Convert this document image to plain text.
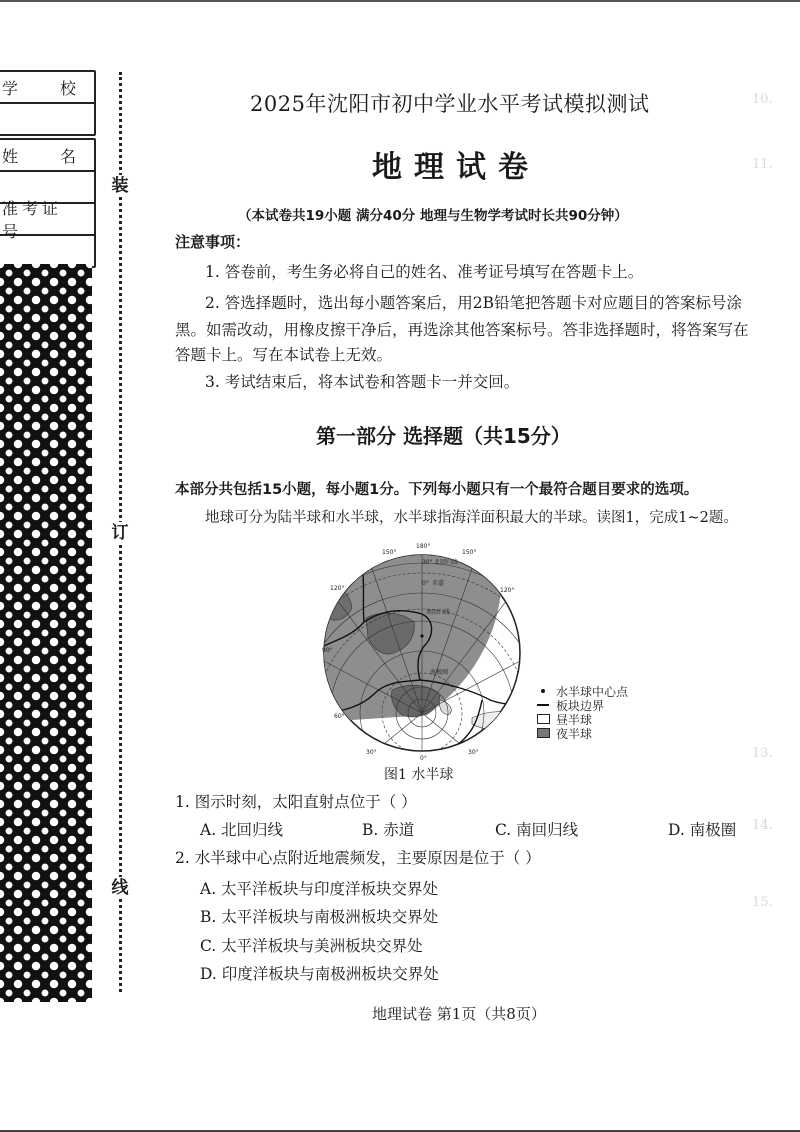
学	校
姓	名
准考证号
装
订
线
10.
11.
13.
14.
15.
2025年沈阳市初中学业水平考试模拟测试
地理试卷
（本试卷共19小题 满分40分 地理与生物学考试时长共90分钟）
注意事项：
1. 答卷前，考生务必将自己的姓名、准考证号填写在答题卡上。
2. 答选择题时，选出每小题答案后，用2B铅笔把答题卡对应题目的答案标号涂
黑。如需改动，用橡皮擦干净后，再选涂其他答案标号。答非选择题时，将答案写在
答题卡上。写在本试卷上无效。
3. 考试结束后，将本试卷和答题卡一并交回。
第一部分 选择题（共15分）
本部分共包括15小题，每小题1分。下列每小题只有一个最符合题目要求的选项。
地球可分为陆半球和水半球，水半球指海洋面积最大的半球。读图1，完成1~2题。
180°
150°	150°
120°	120°
90°
60°
30°	30°
0°
30° 北回归线
0° 赤道
南回归线
南极圈
水半球中心点
板块边界
昼半球
夜半球
图1 水半球
1. 图示时刻，太阳直射点位于（ ）
A. 北回归线	B. 赤道	C. 南回归线	D. 南极圈
2. 水半球中心点附近地震频发，主要原因是位于（ ）
A. 太平洋板块与印度洋板块交界处
B. 太平洋板块与南极洲板块交界处
C. 太平洋板块与美洲板块交界处
D. 印度洋板块与南极洲板块交界处
地理试卷 第1页（共8页）
